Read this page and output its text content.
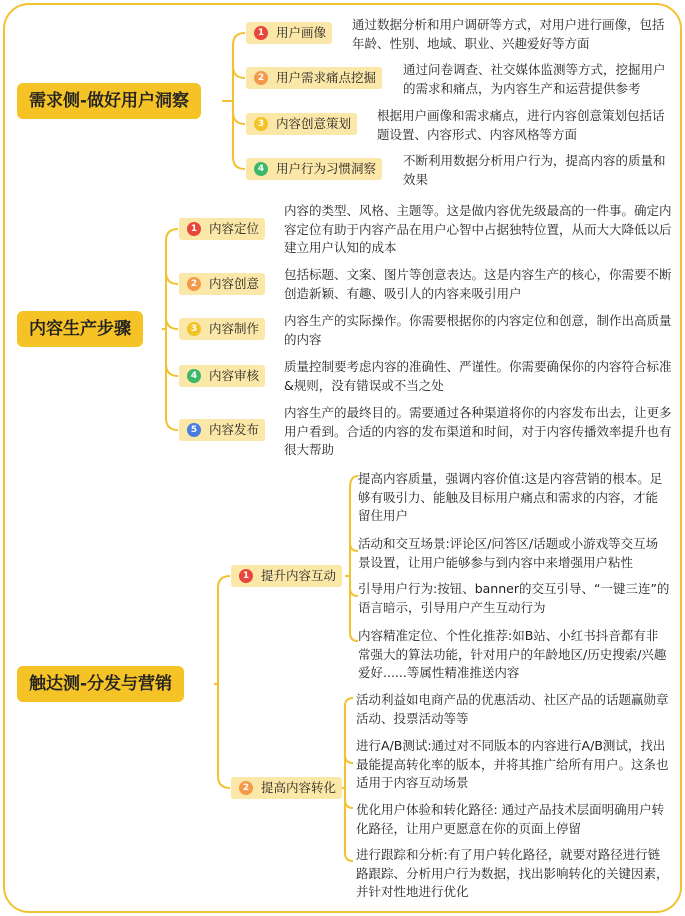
需求侧-做好用户洞察
1 用户画像
通过数据分析和用户调研等方式，对用户进行画像，包括年龄、性别、地域、职业、兴趣爱好等方面
2 用户需求痛点挖掘
通过问卷调查、社交媒体监测等方式，挖掘用户的需求和痛点，为内容生产和运营提供参考
3 内容创意策划
根据用户画像和需求痛点，进行内容创意策划包括话题设置、内容形式、内容风格等方面
4 用户行为习惯洞察
不断利用数据分析用户行为，提高内容的质量和效果
内容生产步骤
1 内容定位
内容的类型、风格、主题等。这是做内容优先级最高的一件事。确定内容定位有助于内容产品在用户心智中占据独特位置，从而大大降低以后建立用户认知的成本
2 内容创意
包括标题、文案、图片等创意表达。这是内容生产的核心，你需要不断创造新颖、有趣、吸引人的内容来吸引用户
3 内容制作
内容生产的实际操作。你需要根据你的内容定位和创意，制作出高质量的内容
4 内容审核
质量控制要考虑内容的准确性、严谨性。你需要确保你的内容符合标准&规则，没有错误或不当之处
5 内容发布
内容生产的最终目的。需要通过各种渠道将你的内容发布出去，让更多用户看到。合适的内容的发布渠道和时间，对于内容传播效率提升也有很大帮助
触达测-分发与营销
1 提升内容互动
提高内容质量，强调内容价值:这是内容营销的根本。足够有吸引力、能触及目标用户痛点和需求的内容，才能留住用户
活动和交互场景:评论区/问答区/话题或小游戏等交互场景设置，让用户能够参与到内容中来增强用户粘性
引导用户行为:按钮、banner的交互引导、“一键三连”的语言暗示，引导用户产生互动行为
内容精准定位、个性化推荐:如B站、小红书抖音都有非常强大的算法功能，针对用户的年龄地区/历史搜索/兴趣爱好......等属性精准推送内容
2 提高内容转化
活动利益如电商产品的优惠活动、社区产品的话题赢勋章活动、投票活动等等
进行A/B测试:通过对不同版本的内容进行A/B测试，找出最能提高转化率的版本，并将其推广给所有用户。这条也适用于内容互动场景
优化用户体验和转化路径: 通过产品技术层面明确用户转化路径，让用户更愿意在你的页面上停留
进行跟踪和分析:有了用户转化路径，就要对路径进行链路跟踪、分析用户行为数据，找出影响转化的关键因素，并针对性地进行优化
